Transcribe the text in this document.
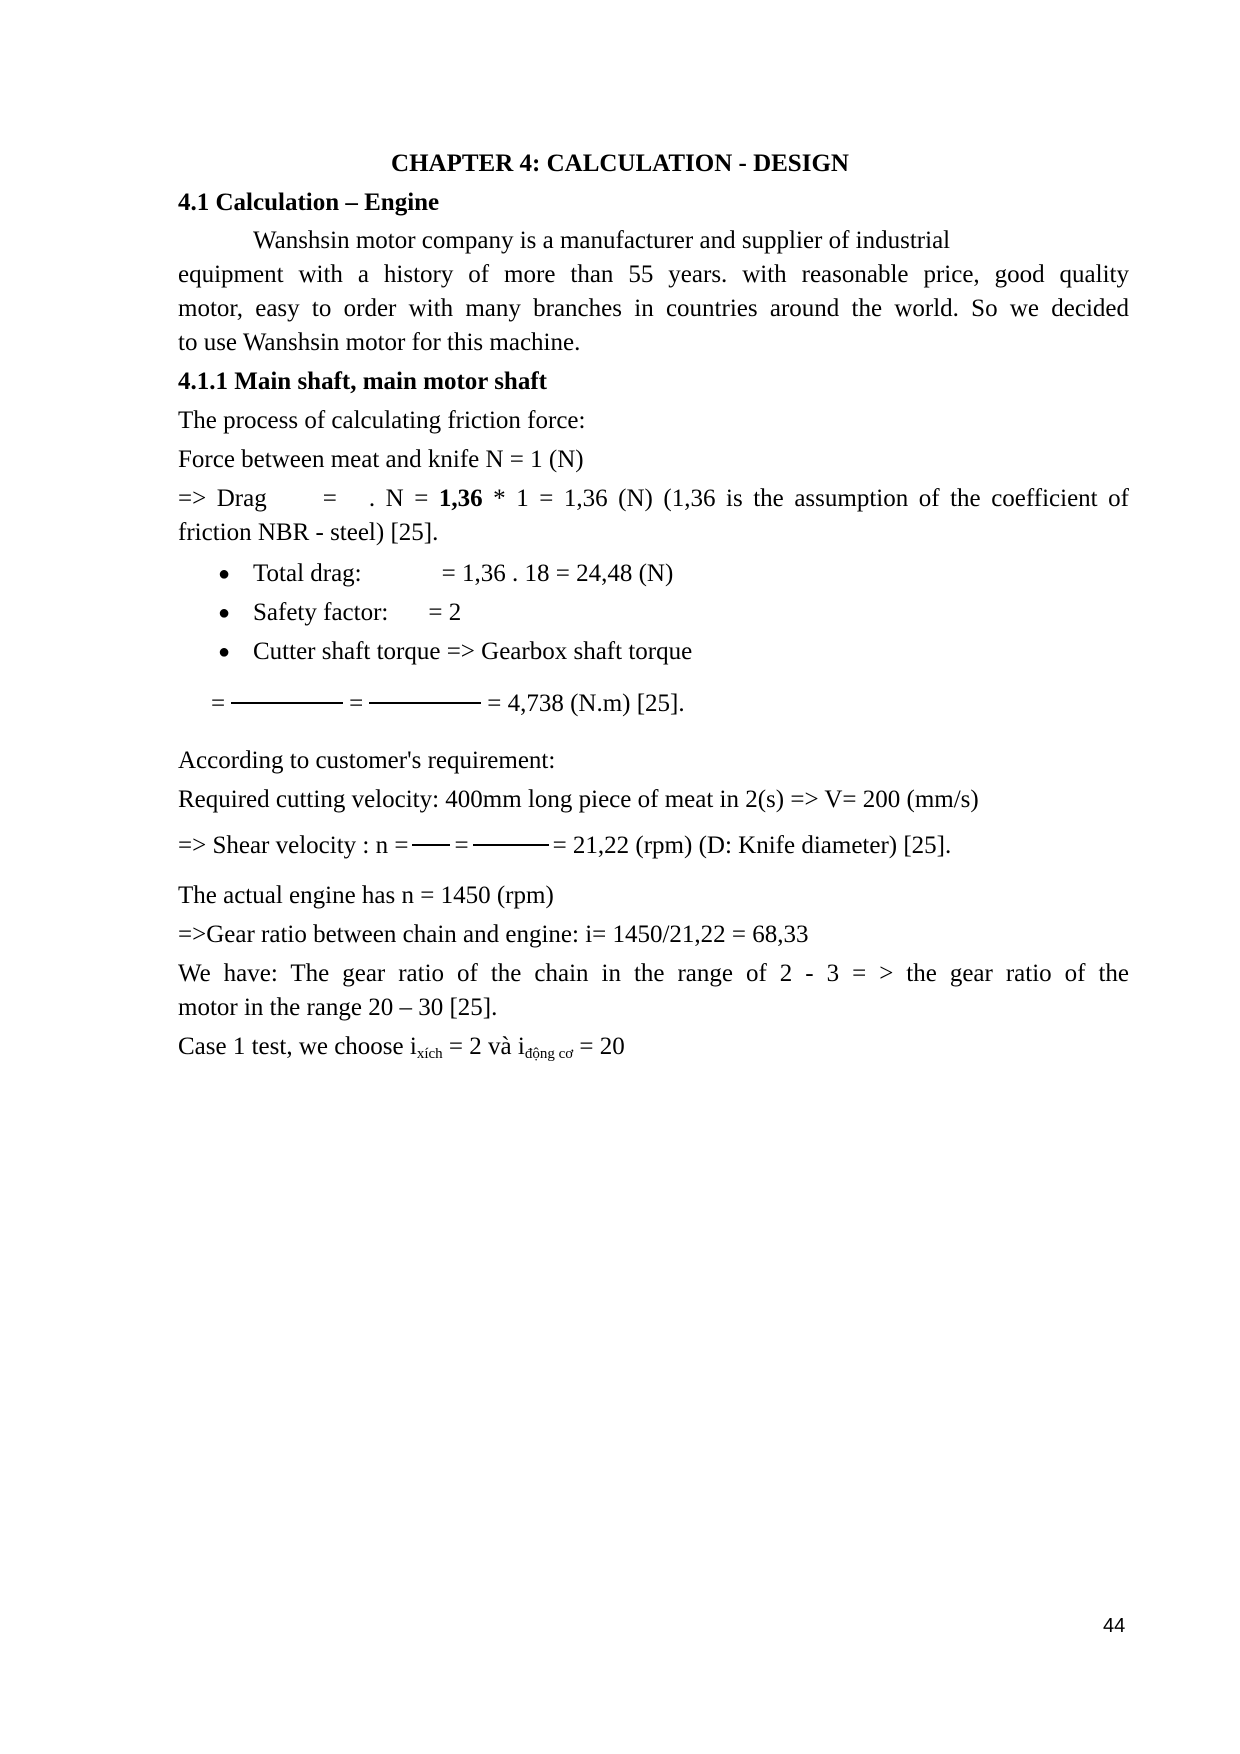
CHAPTER 4: CALCULATION - DESIGN
4.1 Calculation – Engine
Wanshsin motor company is a manufacturer and supplier of industrial
equipment with a history of more than 55 years. with reasonable price, good quality
motor, easy to order with many branches in countries around the world. So we decided
to use Wanshsin motor for this machine.
4.1.1 Main shaft, main motor shaft
The process of calculating friction force:
Force between meat and knife N = 1 (N)
=> Drag = . N = 1,36 * 1 = 1,36 (N) (1,36 is the assumption of the coefficient of
friction NBR - steel) [25].
● Total drag:	= 1,36 . 18 = 24,48 (N)
● Safety factor: = 2
● Cutter shaft torque => Gearbox shaft torque
=	=	= 4,738 (N.m) [25].
According to customer's requirement:
Required cutting velocity: 400mm long piece of meat in 2(s) => V= 200 (mm/s)
=> Shear velocity : n = =	= 21,22 (rpm) (D: Knife diameter) [25].
The actual engine has n = 1450 (rpm)
=>Gear ratio between chain and engine: i= 1450/21,22 = 68,33
We have: The gear ratio of the chain in the range of 2 - 3 = > the gear ratio of the
motor in the range 20 – 30 [25].
Case 1 test, we choose $i_{xích} = 2$ và $i_{động cơ} = 20$
44
